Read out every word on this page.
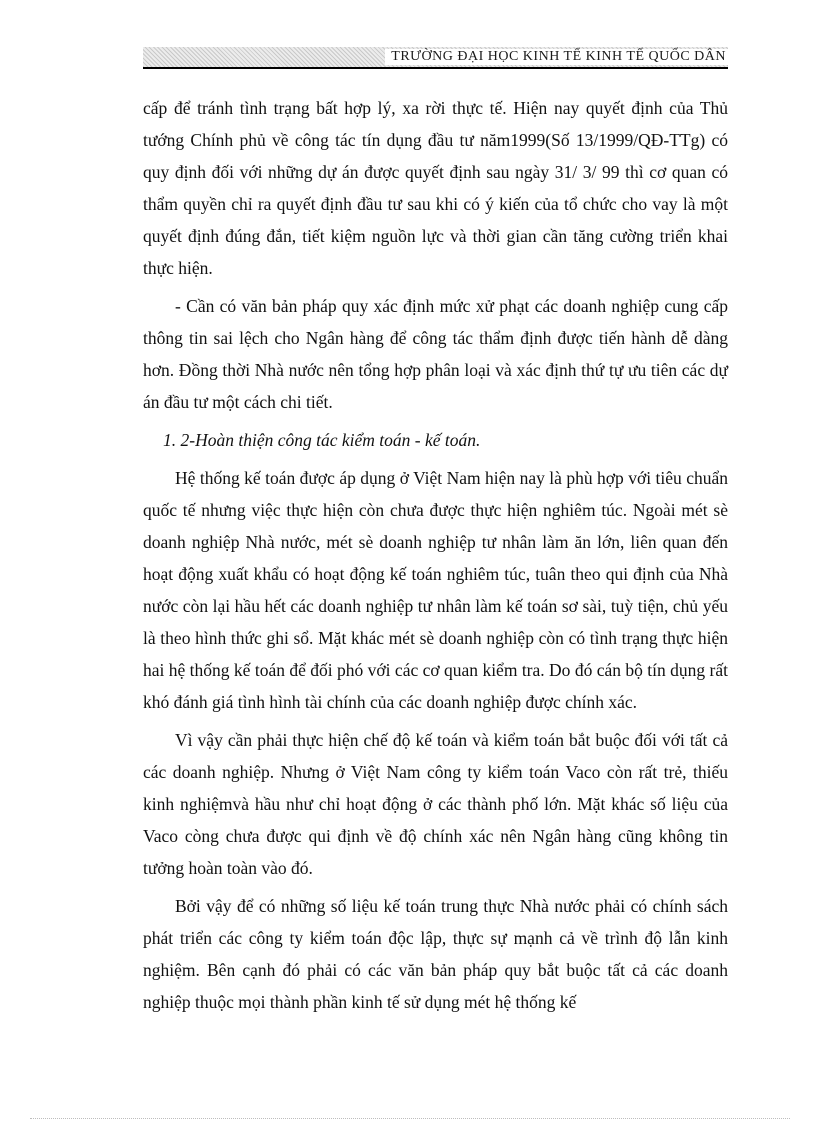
TRƯỜNG ĐẠI HỌC KINH TẾ KINH TẾ QUỐC DÂN

cấp để tránh tình trạng bất hợp lý, xa rời thực tế. Hiện nay quyết định của Thủ tướng Chính phủ về công tác tín dụng đầu tư năm1999(Số 13/1999/QĐ-TTg) có quy định đối với những dự án được quyết định sau ngày 31/ 3/ 99 thì cơ quan có thẩm quyền chỉ ra quyết định đầu tư sau khi có ý kiến của tổ chức cho vay là một quyết định đúng đắn, tiết kiệm nguồn lực và thời gian cần tăng cường triển khai thực hiện.

- Cần có văn bản pháp quy xác định mức xử phạt các doanh nghiệp cung cấp thông tin sai lệch cho Ngân hàng để công tác thẩm định được tiến hành dễ dàng hơn. Đồng thời Nhà nước nên tổng hợp phân loại và xác định thứ tự ưu tiên các dự án đầu tư một cách chi tiết.

1. 2-Hoàn thiện công tác kiểm toán - kế toán.

Hệ thống kế toán được áp dụng ở Việt Nam hiện nay là phù hợp với tiêu chuẩn quốc tế nhưng việc thực hiện còn chưa được thực hiện nghiêm túc. Ngoài mét sè doanh nghiệp Nhà nước, mét sè doanh nghiệp tư nhân làm ăn lớn, liên quan đến hoạt động xuất khẩu có hoạt động kế toán nghiêm túc, tuân theo qui định của Nhà nước còn lại hầu hết các doanh nghiệp tư nhân làm kế toán sơ sài, tuỳ tiện, chủ yếu là theo hình thức ghi sổ. Mặt khác mét sè doanh nghiệp còn có tình trạng thực hiện hai hệ thống kế toán để đối phó với các cơ quan kiểm tra. Do đó cán bộ tín dụng rất khó đánh giá tình hình tài chính của các doanh nghiệp được chính xác.

Vì vậy cần phải thực hiện chế độ kế toán và kiểm toán bắt buộc đối với tất cả các doanh nghiệp. Nhưng ở Việt Nam công ty kiểm toán Vaco còn rất trẻ, thiếu kinh nghiệmvà hầu như chỉ hoạt động ở các thành phố lớn. Mặt khác số liệu của Vaco còng chưa được qui định về độ chính xác nên Ngân hàng cũng không tin tưởng hoàn toàn vào đó.

Bởi vậy để có những số liệu kế toán trung thực Nhà nước phải có chính sách phát triển các công ty kiểm toán độc lập, thực sự mạnh cả về trình độ lẫn kinh nghiệm. Bên cạnh đó phải có các văn bản pháp quy bắt buộc tất cả các doanh nghiệp thuộc mọi thành phần kinh tế sử dụng mét hệ thống kế
